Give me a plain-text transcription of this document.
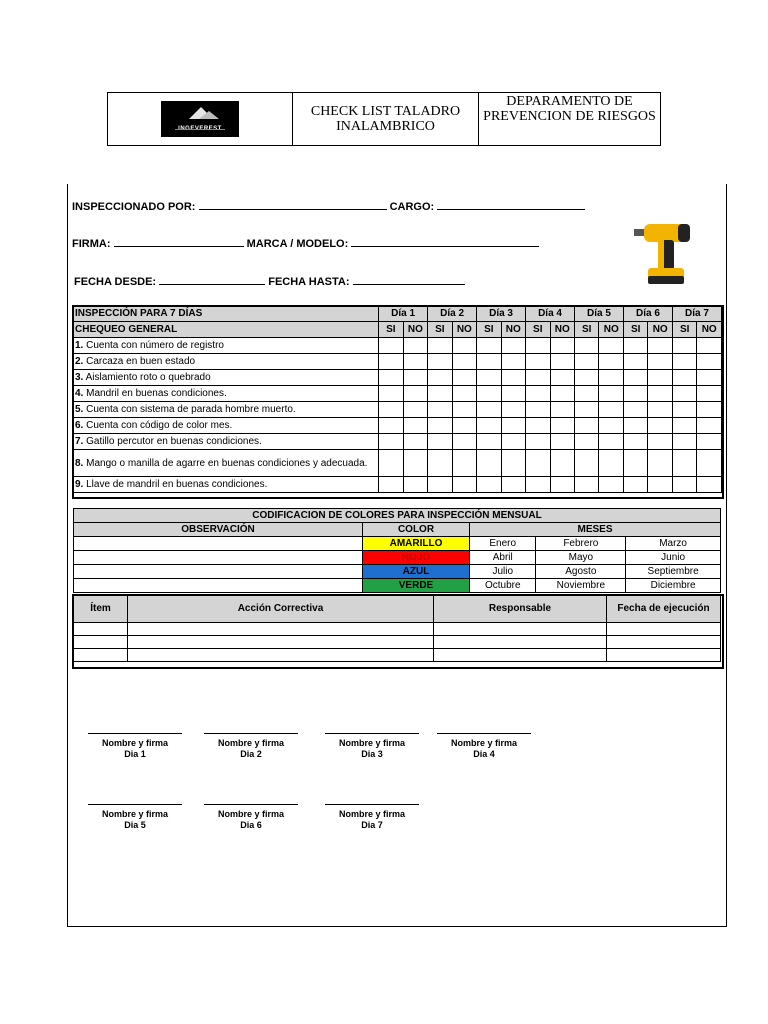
	CHECK LIST TALADRO INALAMBRICO	DEPARAMENTO DE PREVENCION DE RIESGOS
INSPECCIONADO POR:	CARGO:
FIRMA:	MARCA / MODELO:
FECHA DESDE:	FECHA HASTA:
INSPECCIÓN PARA 7 DÍAS	Día 1		Día 2		Día 3		Día 4		Día 5		Día 6		Día 7	
CHEQUEO GENERAL	SI	NO	SI	NO	SI	NO	SI	NO	SI	NO	SI	NO	SI	NO
1. Cuenta con número de registro														
2. Carcaza en buen estado														
3. Aislamiento roto o quebrado														
4. Mandril en buenas condiciones.														
5. Cuenta con sistema de parada hombre muerto.														
6. Cuenta con código de color mes.														
7. Gatillo percutor en buenas condiciones.														
8. Mango o manilla de agarre en buenas condiciones y adecuada.														
9. Llave de mandril en buenas condiciones.														
CODIFICACION DE COLORES PARA INSPECCIÓN MENSUAL				
OBSERVACIÓN	COLOR	MESES		
	AMARILLO	Enero	Febrero	Marzo
	ROJO	Abril	Mayo	Junio
	AZUL	Julio	Agosto	Septiembre
	VERDE	Octubre	Noviembre	Diciembre
Ítem	Acción Correctiva	Responsable	Fecha de ejecución

Nombre y firma
Dia 1
Nombre y firma
Dia 2
Nombre y firma
Dia 3
Nombre y firma
Dia 4
Nombre y firma
Dia 5
Nombre y firma
Dia 6
Nombre y firma
Dia 7
